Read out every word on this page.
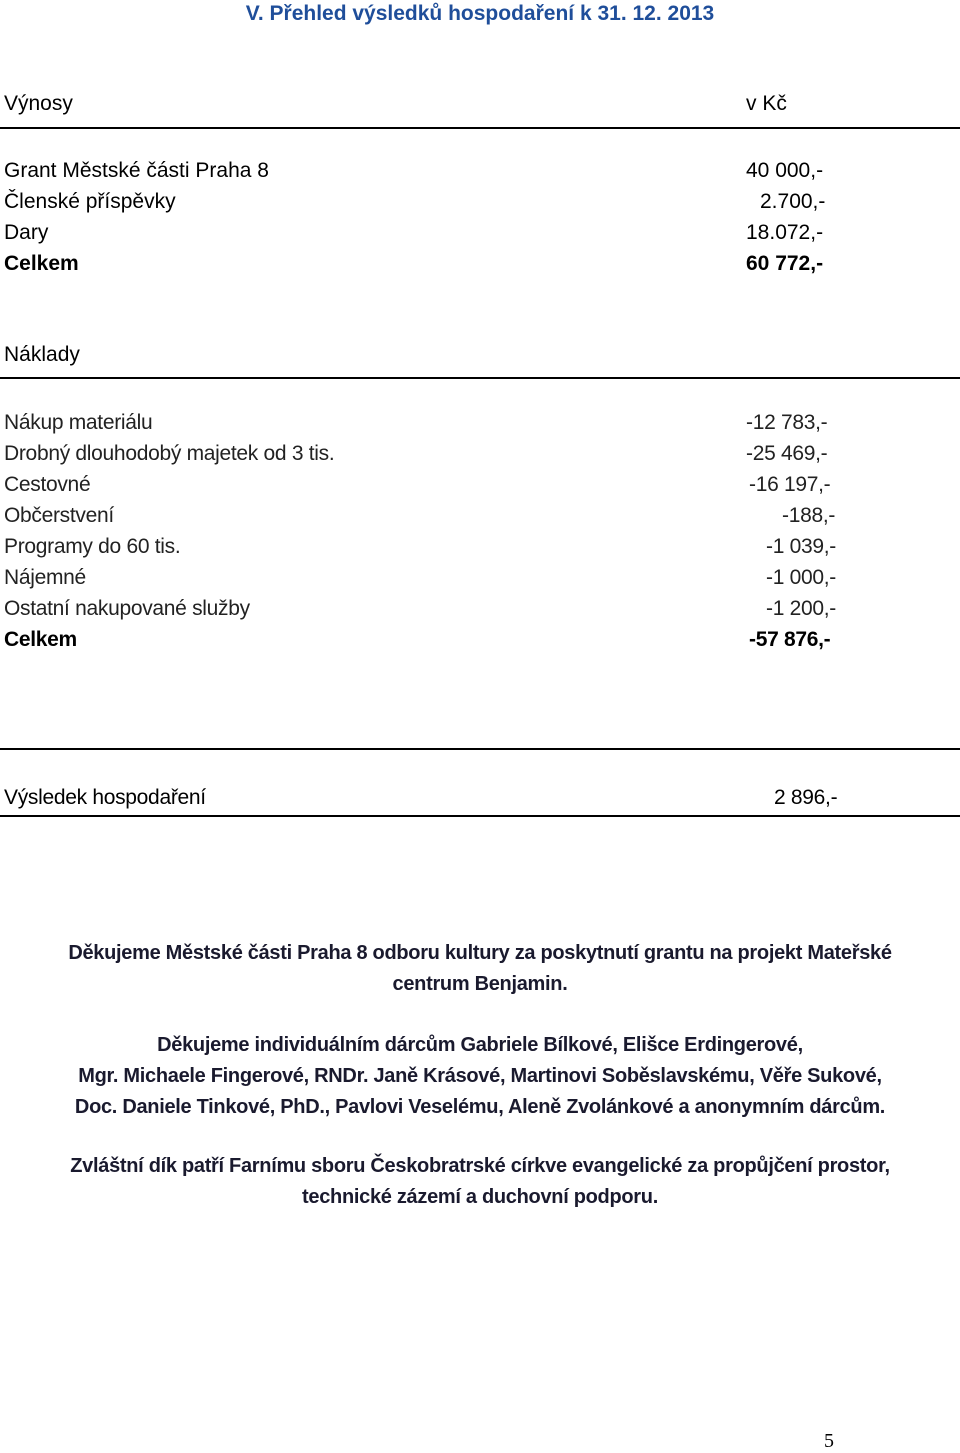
V. Přehled výsledků hospodaření k 31. 12. 2013
Výnosy	v Kč
Grant Městské části Praha 8	40 000,-
Členské příspěvky	2.700,-
Dary	18.072,-
Celkem	60 772,-
Náklady
Nákup materiálu	-12 783,-
Drobný dlouhodobý majetek od 3 tis.	-25 469,-
Cestovné	-16 197,-
Občerstvení	-188,-
Programy do 60 tis.	-1 039,-
Nájemné	-1 000,-
Ostatní nakupované služby	-1 200,-
Celkem	-57 876,-
Výsledek hospodaření	2 896,-
Děkujeme Městské části Praha 8 odboru kultury za poskytnutí grantu na projekt Mateřské
centrum Benjamin.
Děkujeme individuálním dárcům Gabriele Bílkové, Elišce Erdingerové,
Mgr. Michaele Fingerové, RNDr. Janě Krásové, Martinovi Soběslavskému, Věře Sukové,
Doc. Daniele Tinkové, PhD., Pavlovi Veselému, Aleně Zvolánkové a anonymním dárcům.
Zvláštní dík patří Farnímu sboru Českobratrské církve evangelické za propůjčení prostor,
technické zázemí a duchovní podporu.
5
